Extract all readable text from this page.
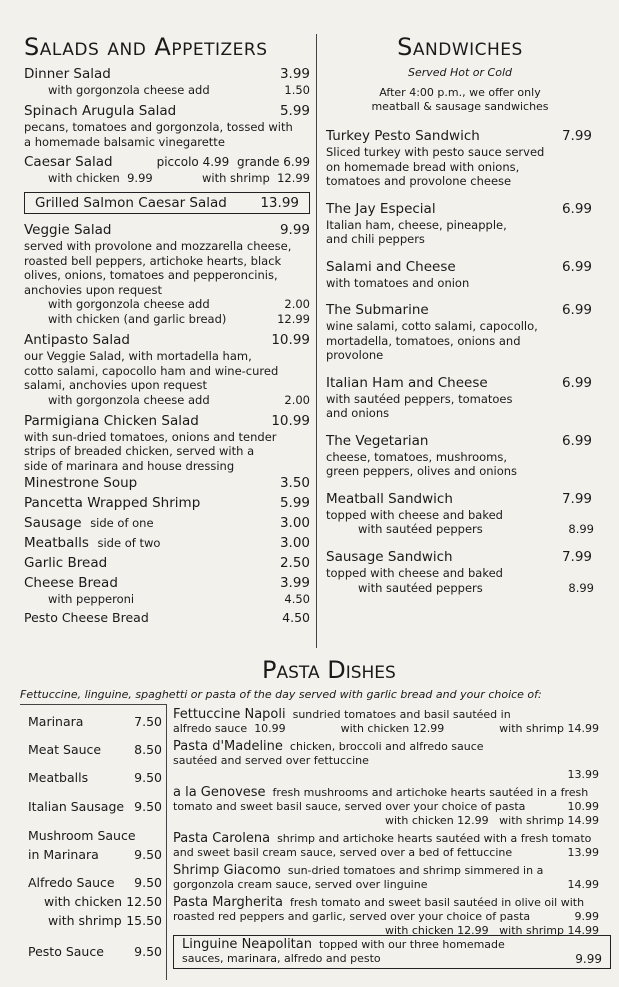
Salads and Appetizers
Dinner Salad	3.99
with gorgonzola cheese add	1.50
Spinach Arugula Salad	5.99
pecans, tomatoes and gorgonzola, tossed with
a homemade balsamic vinegarette
Caesar Salad	piccolo 4.99 grande 6.99
with chicken 9.99	with shrimp 12.99
Grilled Salmon Caesar Salad 13.99
Veggie Salad	9.99
served with provolone and mozzarella cheese,
roasted bell peppers, artichoke hearts, black
olives, onions, tomatoes and pepperoncinis,
anchovies upon request
with gorgonzola cheese add	2.00
with chicken (and garlic bread)	12.99
Antipasto Salad	10.99
our Veggie Salad, with mortadella ham,
cotto salami, capocollo ham and wine-cured
salami, anchovies upon request
with gorgonzola cheese add	2.00
Parmigiana Chicken Salad	10.99
with sun-dried tomatoes, onions and tender
strips of breaded chicken, served with a
side of marinara and house dressing
Minestrone Soup	3.50
Pancetta Wrapped Shrimp	5.99
Sausage side of one	3.00
Meatballs side of two	3.00
Garlic Bread	2.50
Cheese Bread	3.99
with pepperoni	4.50
Pesto Cheese Bread	4.50
Sandwiches
Served Hot or Cold
After 4:00 p.m., we offer only
meatball & sausage sandwiches
Turkey Pesto Sandwich	7.99
Sliced turkey with pesto sauce served
on homemade bread with onions,
tomatoes and provolone cheese
The Jay Especial	6.99
Italian ham, cheese, pineapple,
and chili peppers
Salami and Cheese	6.99
with tomatoes and onion
The Submarine	6.99
wine salami, cotto salami, capocollo,
mortadella, tomatoes, onions and
provolone
Italian Ham and Cheese	6.99
with sautéed peppers, tomatoes
and onions
The Vegetarian	6.99
cheese, tomatoes, mushrooms,
green peppers, olives and onions
Meatball Sandwich	7.99
topped with cheese and baked
with sautéed peppers	8.99
Sausage Sandwich	7.99
topped with cheese and baked
with sautéed peppers	8.99
Pasta Dishes
Fettuccine, linguine, spaghetti or pasta of the day served with garlic bread and your choice of:
Marinara	7.50
Meat Sauce	8.50
Meatballs	9.50
Italian Sausage 9.50
Mushroom Sauce
in Marinara	9.50
Alfredo Sauce 9.50
with chicken 12.50
with shrimp 15.50
Pesto Sauce 9.50
Fettuccine Napoli sundried tomatoes and basil sautéed in
alfredo sauce 10.99	with chicken 12.99	with shrimp 14.99
Pasta d'Madeline chicken, broccoli and alfredo sauce
sautéed and served over fettuccine
13.99
a la Genovese fresh mushrooms and artichoke hearts sautéed in a fresh
tomato and sweet basil sauce, served over your choice of pasta	10.99
with chicken 12.99 with shrimp 14.99
Pasta Carolena shrimp and artichoke hearts sautéed with a fresh tomato
and sweet basil cream sauce, served over a bed of fettuccine	13.99
Shrimp Giacomo sun-dried tomatoes and shrimp simmered in a
gorgonzola cream sauce, served over linguine	14.99
Pasta Margherita fresh tomato and sweet basil sautéed in olive oil with
roasted red peppers and garlic, served over your choice of pasta	9.99
with chicken 12.99 with shrimp 14.99
Linguine Neapolitan topped with our three homemade
sauces, marinara, alfredo and pesto	9.99
